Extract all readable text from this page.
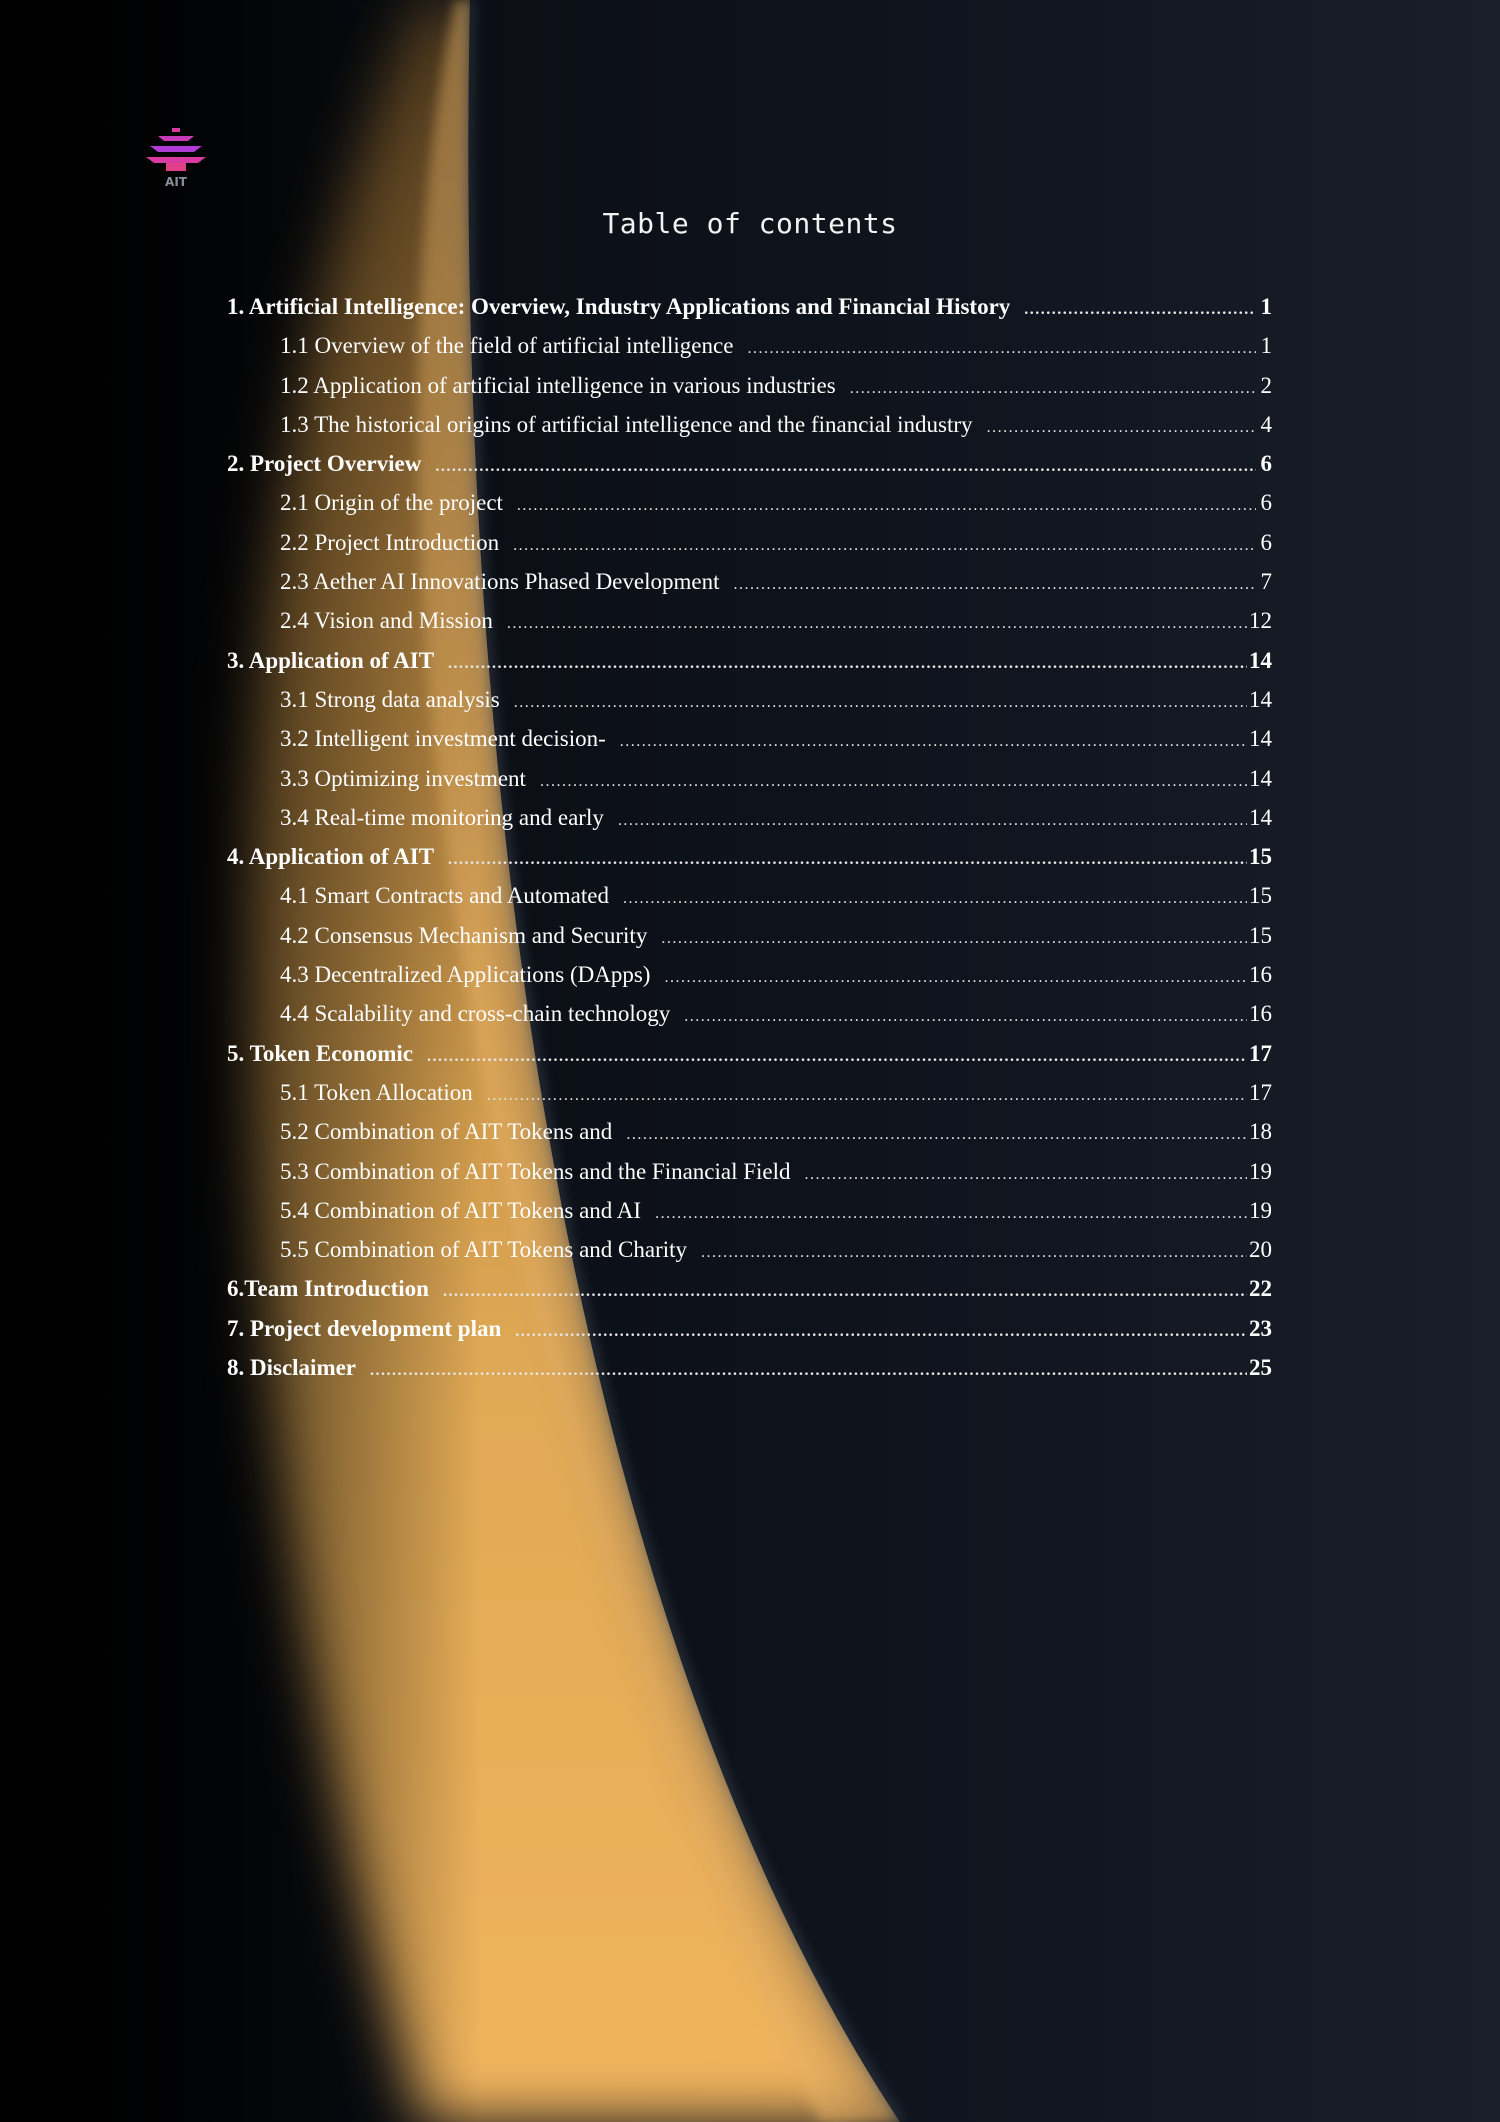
AIT
Table of contents
1. Artificial Intelligence: Overview, Industry Applications and Financial History .....	1
1.1 Overview of the field of artificial intelligence .....	1
1.2 Application of artificial intelligence in various industries .....	2
1.3 The historical origins of artificial intelligence and the financial industry .....	4
2. Project Overview .....	6
2.1 Origin of the project .....	6
2.2 Project Introduction .....	6
2.3 Aether AI Innovations Phased Development .....	7
2.4 Vision and Mission .....	12
3. Application of AIT .....	14
3.1 Strong data analysis .....	14
3.2 Intelligent investment decision- .....	14
3.3 Optimizing investment .....	14
3.4 Real-time monitoring and early .....	14
4. Application of AIT .....	15
4.1 Smart Contracts and Automated .....	15
4.2 Consensus Mechanism and Security .....	15
4.3 Decentralized Applications (DApps) .....	16
4.4 Scalability and cross-chain technology .....	16
5. Token Economic .....	17
5.1 Token Allocation .....	17
5.2 Combination of AIT Tokens and .....	18
5.3 Combination of AIT Tokens and the Financial Field .....	19
5.4 Combination of AIT Tokens and AI .....	19
5.5 Combination of AIT Tokens and Charity .....	20
6.Team Introduction .....	22
7. Project development plan .....	23
8. Disclaimer .....	25
